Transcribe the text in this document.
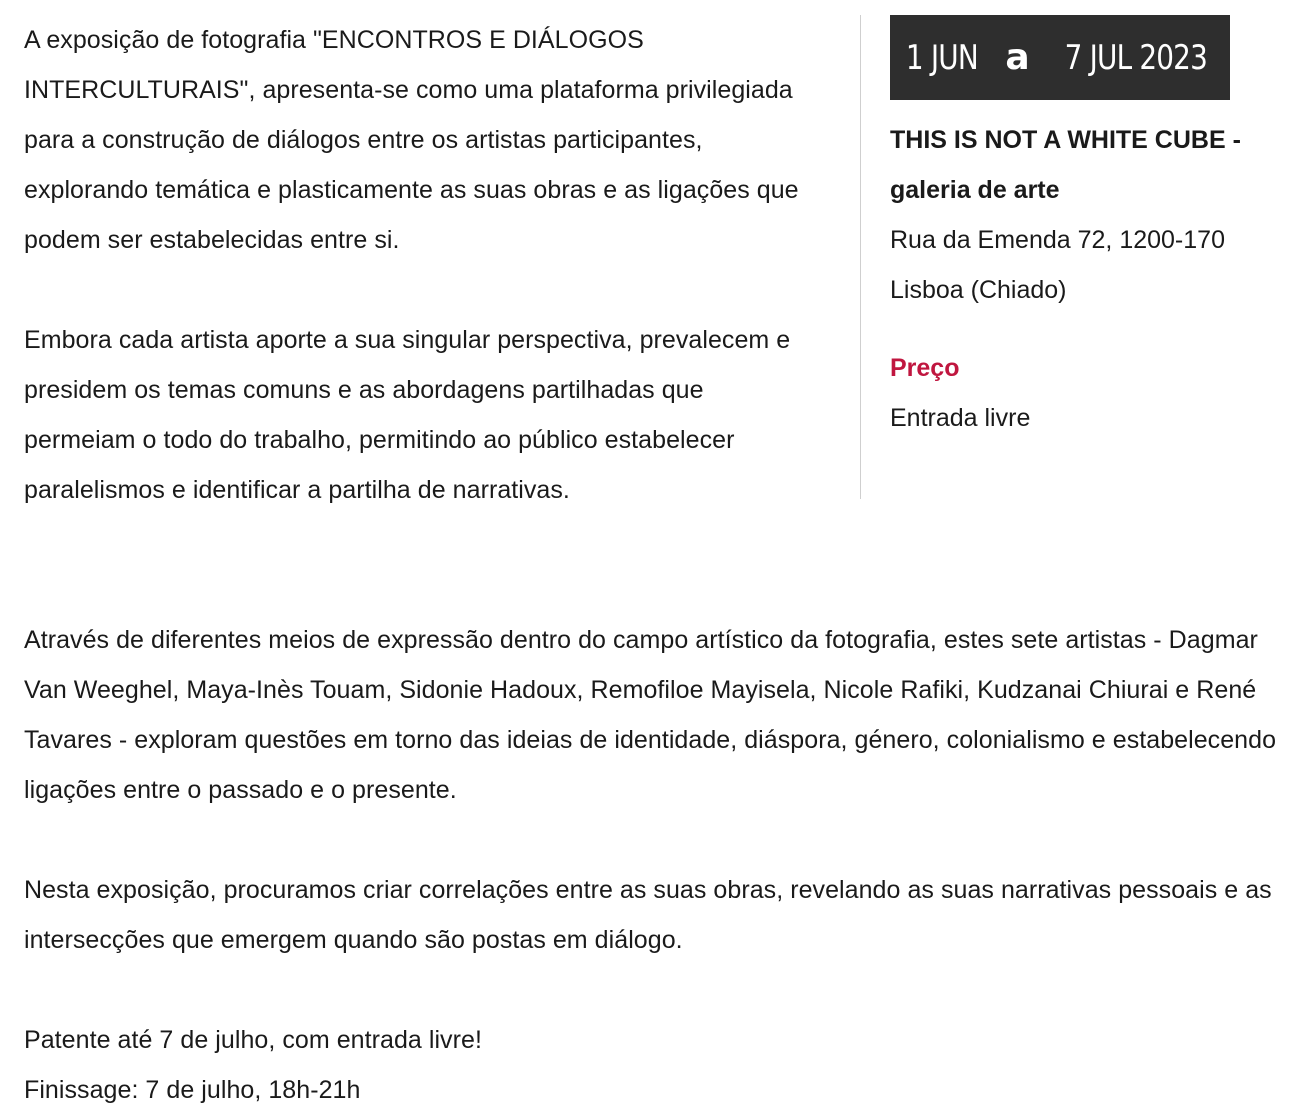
A exposição de fotografia "ENCONTROS E DIÁLOGOS INTERCULTURAIS", apresenta-se como uma plataforma privilegiada para a construção de diálogos entre os artistas participantes, explorando temática e plasticamente as suas obras e as ligações que podem ser estabelecidas entre si.

Embora cada artista aporte a sua singular perspectiva, prevalecem e presidem os temas comuns e as abordagens partilhadas que permeiam o todo do trabalho, permitindo ao público estabelecer paralelismos e identificar a partilha de narrativas.

Através de diferentes meios de expressão dentro do campo artístico da fotografia, estes sete artistas - Dagmar Van Weeghel, Maya-Inès Touam, Sidonie Hadoux, Remofiloe Mayisela, Nicole Rafiki, Kudzanai Chiurai e René Tavares - exploram questões em torno das ideias de identidade, diáspora, género, colonialismo e estabelecendo ligações entre o passado e o presente.

Nesta exposição, procuramos criar correlações entre as suas obras, revelando as suas narrativas pessoais e as intersecções que emergem quando são postas em diálogo.

Patente até 7 de julho, com entrada livre!
Finissage: 7 de julho, 18h-21h

1 JUN a 7 JUL 2023

THIS IS NOT A WHITE CUBE - galeria de arte

Rua da Emenda 72, 1200-170 Lisboa (Chiado)

Preço

Entrada livre
